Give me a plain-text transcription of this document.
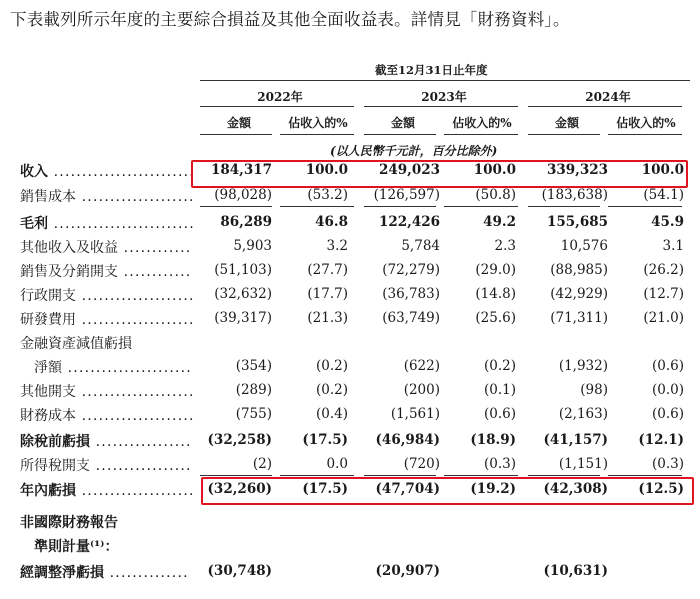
下表載列所示年度的主要綜合損益及其他全面收益表。詳情見「財務資料」。
截至12月31日止年度
2022年	2023年	2024年
金額	佔收入的%	金額	佔收入的%	金額	佔收入的%
(以人民幣千元計，百分比除外)
收入 .........................	184,317	100.0	249,023	100.0	339,323	100.0
銷售成本 ....................	(98,028)	(53.2)	(126,597)	(50.8)	(183,638)	(54.1)
毛利 .........................	86,289	46.8	122,426	49.2	155,685	45.9
其他收入及收益 ............	5,903	3.2	5,784	2.3	10,576	3.1
銷售及分銷開支 ............	(51,103)	(27.7)	(72,279)	(29.0)	(88,985)	(26.2)
行政開支 ....................	(32,632)	(17.7)	(36,783)	(14.8)	(42,929)	(12.7)
研發費用 ....................	(39,317)	(21.3)	(63,749)	(25.6)	(71,311)	(21.0)
金融資產減值虧損
淨額 ......................	(354)	(0.2)	(622)	(0.2)	(1,932)	(0.6)
其他開支 ....................	(289)	(0.2)	(200)	(0.1)	(98)	(0.0)
財務成本 ....................	(755)	(0.4)	(1,561)	(0.6)	(2,163)	(0.6)
除稅前虧損 .................	(32,258)	(17.5)	(46,984)	(18.9)	(41,157)	(12.1)
所得稅開支 .................	(2)	0.0	(720)	(0.3)	(1,151)	(0.3)
年內虧損 .................... (32,260)	(17.5)	(47,704)	(19.2)	(42,308)	(12.5)
非國際財務報告
準則計量⁽¹⁾：
經調整淨虧損 ..............	(30,748)	(20,907)	(10,631)
